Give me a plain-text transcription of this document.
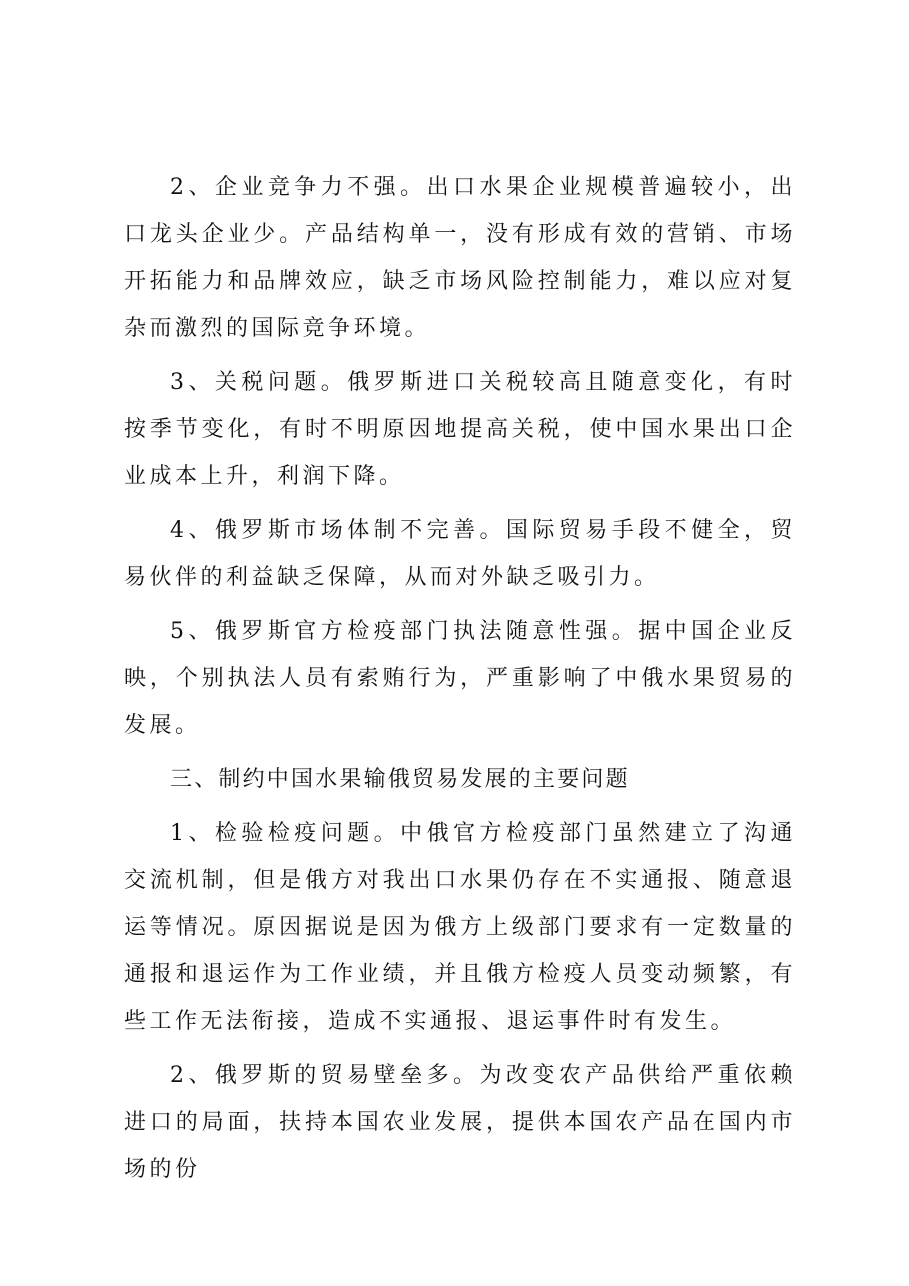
2、企业竞争力不强。出口水果企业规模普遍较小，出口龙头企业少。产品结构单一，没有形成有效的营销、市场开拓能力和品牌效应，缺乏市场风险控制能力，难以应对复杂而激烈的国际竞争环境。

3、关税问题。俄罗斯进口关税较高且随意变化，有时按季节变化，有时不明原因地提高关税，使中国水果出口企业成本上升，利润下降。

4、俄罗斯市场体制不完善。国际贸易手段不健全，贸易伙伴的利益缺乏保障，从而对外缺乏吸引力。

5、俄罗斯官方检疫部门执法随意性强。据中国企业反映，个别执法人员有索贿行为，严重影响了中俄水果贸易的发展。

三、制约中国水果输俄贸易发展的主要问题

1、检验检疫问题。中俄官方检疫部门虽然建立了沟通交流机制，但是俄方对我出口水果仍存在不实通报、随意退运等情况。原因据说是因为俄方上级部门要求有一定数量的通报和退运作为工作业绩，并且俄方检疫人员变动频繁，有些工作无法衔接，造成不实通报、退运事件时有发生。

2、俄罗斯的贸易壁垒多。为改变农产品供给严重依赖进口的局面，扶持本国农业发展，提供本国农产品在国内市场的份
